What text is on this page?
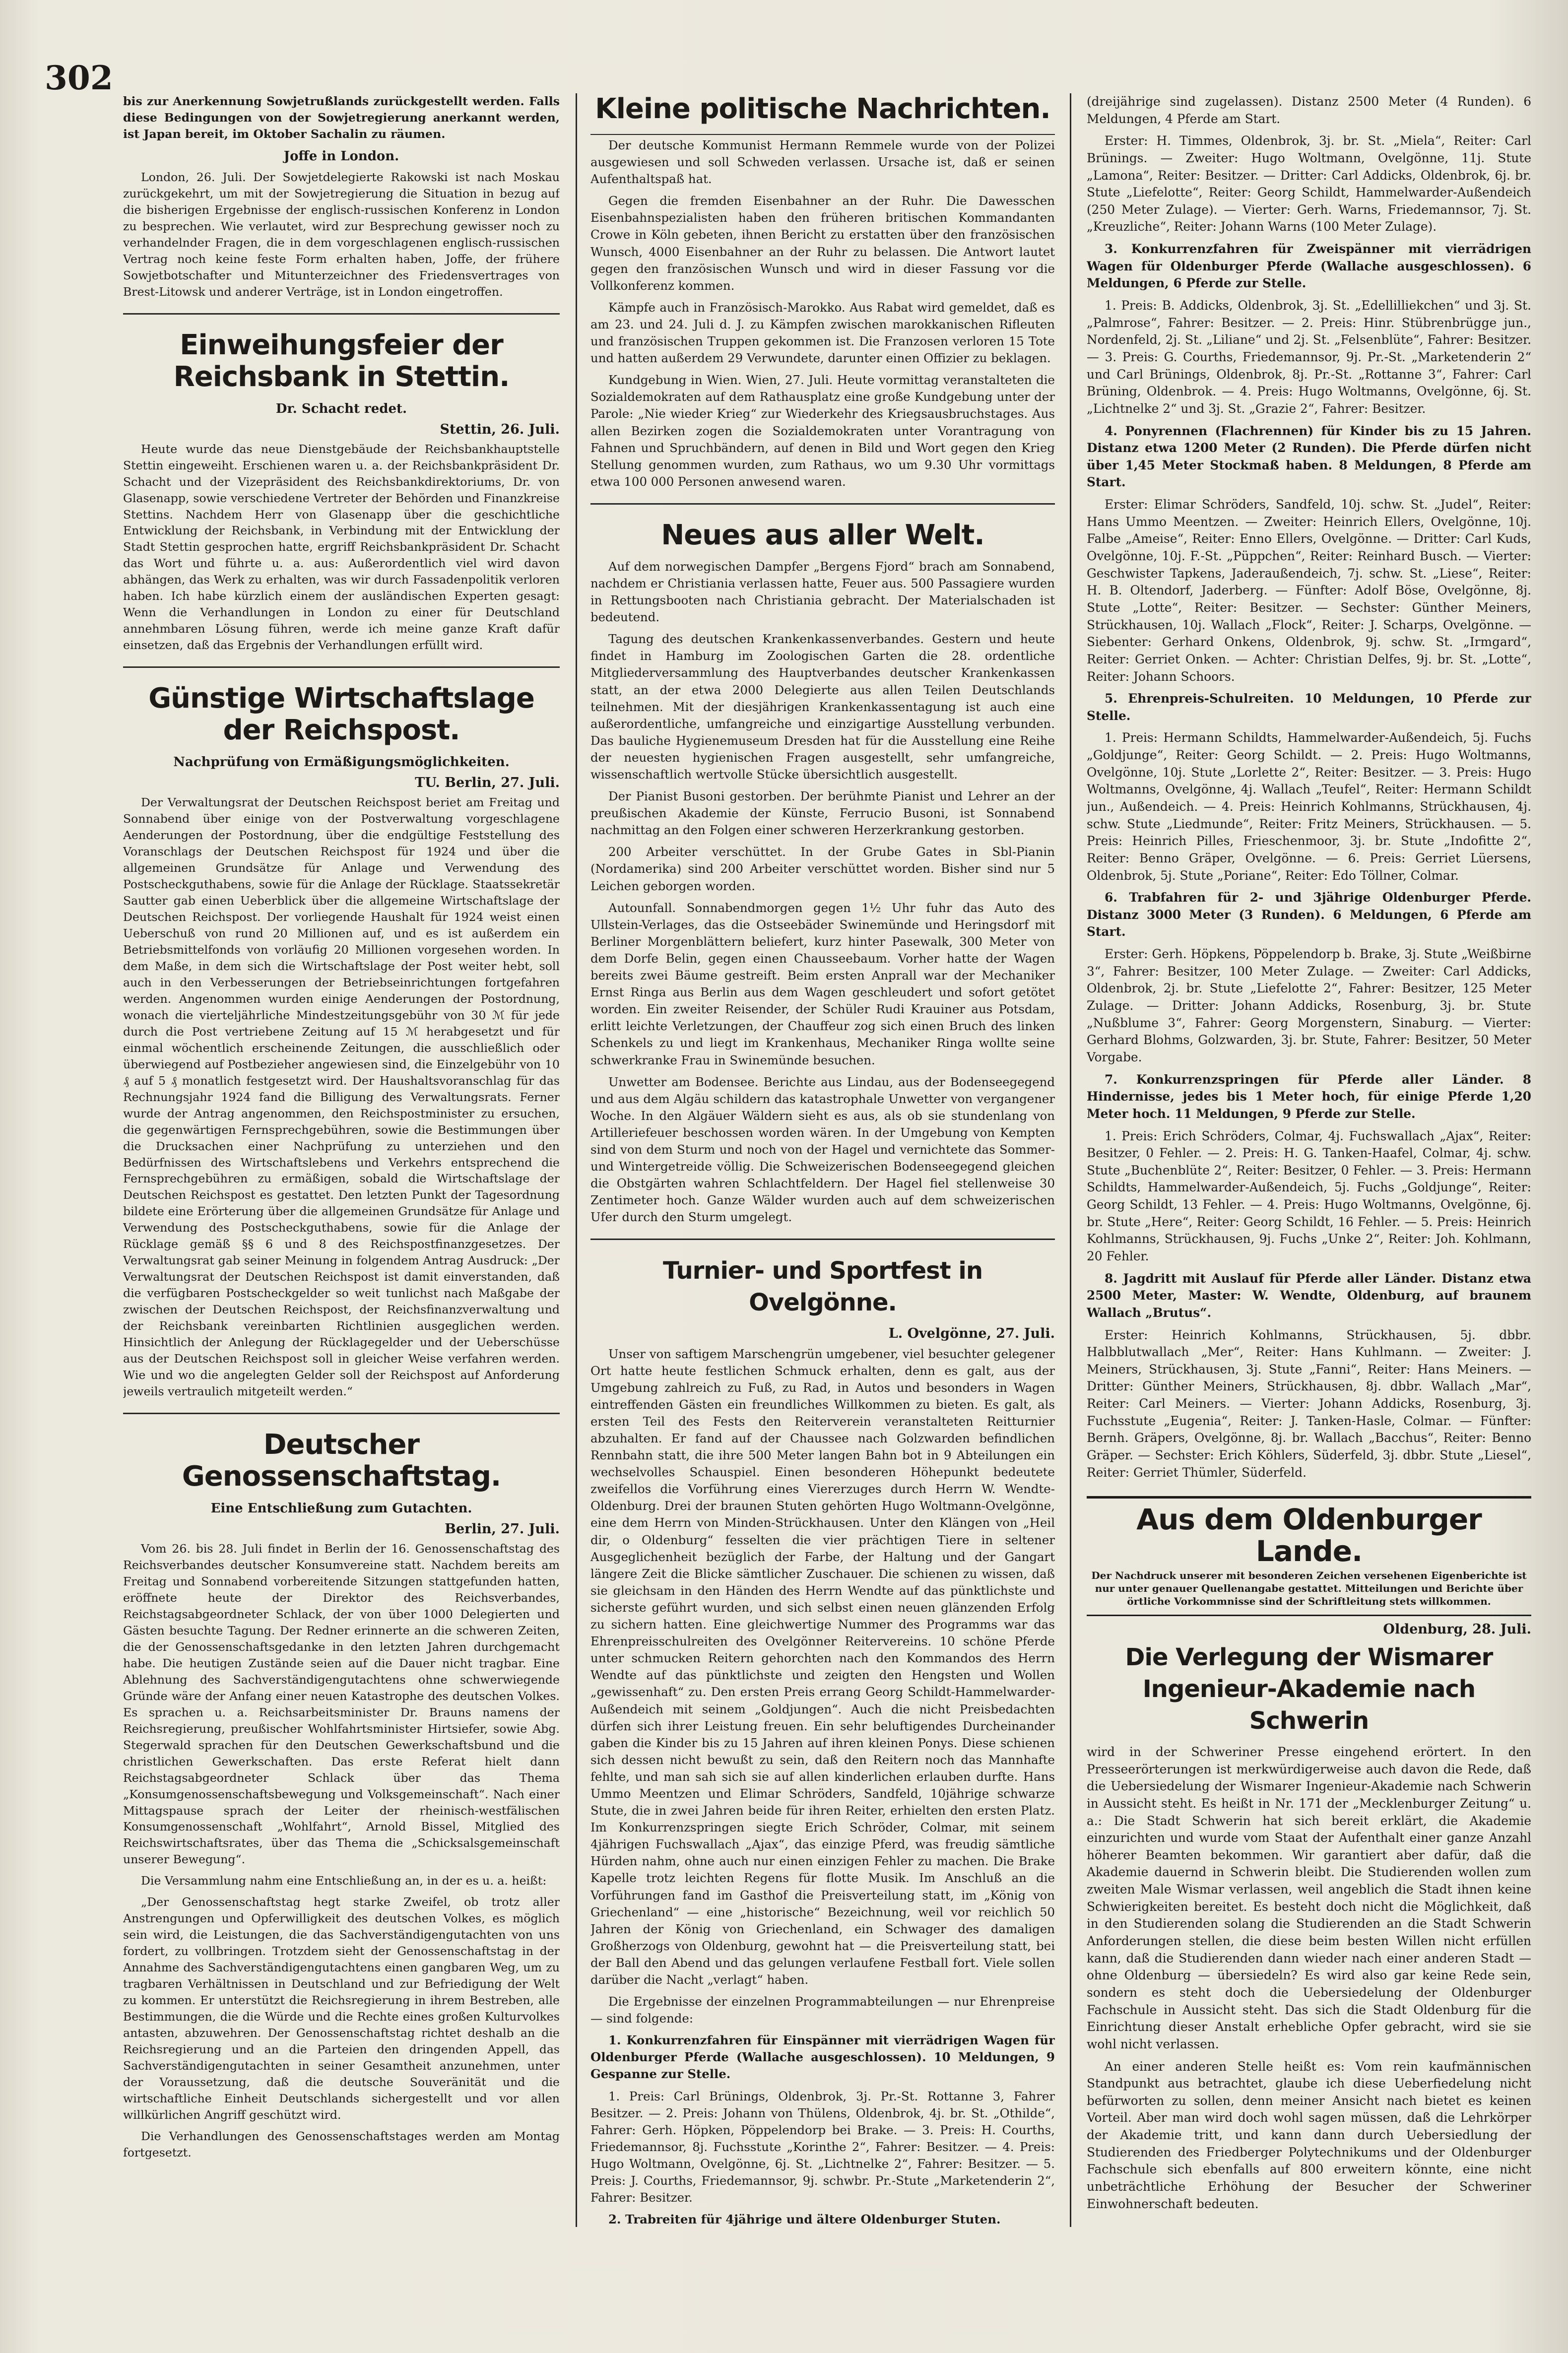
302

bis zur Anerkennung Sowjetrußlands zurückgestellt werden. Falls diese Bedingungen von der Sowjetregierung anerkannt werden, ist Japan bereit, im Oktober Sachalin zu räumen.

Joffe in London.

London, 26. Juli. Der Sowjetdelegierte Rakowski ist nach Moskau zurückgekehrt, um mit der Sowjetregierung die Situation in bezug auf die bisherigen Ergebnisse der englisch-russischen Konferenz in London zu besprechen. Wie verlautet, wird zur Besprechung gewisser noch zu verhandelnder Fragen, die in dem vorgeschlagenen englisch-russischen Vertrag noch keine feste Form erhalten haben, Joffe, der frühere Sowjetbotschafter und Mitunterzeichner des Friedensvertrages von Brest-Litowsk und anderer Verträge, ist in London eingetroffen.

Einweihungsfeier der Reichsbank in Stettin.
Dr. Schacht redet.
Stettin, 26. Juli.

Heute wurde das neue Dienstgebäude der Reichsbankhauptstelle Stettin eingeweiht. Erschienen waren u. a. der Reichsbankpräsident Dr. Schacht und der Vizepräsident des Reichsbankdirektoriums, Dr. von Glasenapp, sowie verschiedene Vertreter der Behörden und Finanzkreise Stettins. Nachdem Herr von Glasenapp über die geschichtliche Entwicklung der Reichsbank, in Verbindung mit der Entwicklung der Stadt Stettin gesprochen hatte, ergriff Reichsbankpräsident Dr. Schacht das Wort und führte u. a. aus: Außerordentlich viel wird davon abhängen, das Werk zu erhalten, was wir durch Fassadenpolitik verloren haben. Ich habe kürzlich einem der ausländischen Experten gesagt: Wenn die Verhandlungen in London zu einer für Deutschland annehmbaren Lösung führen, werde ich meine ganze Kraft dafür einsetzen, daß das Ergebnis der Verhandlungen erfüllt wird.

Günstige Wirtschaftslage der Reichspost.
Nachprüfung von Ermäßigungsmöglichkeiten.
TU. Berlin, 27. Juli.

Der Verwaltungsrat der Deutschen Reichspost beriet am Freitag und Sonnabend über einige von der Postverwaltung vorgeschlagene Aenderungen der Postordnung, über die endgültige Feststellung des Voranschlags der Deutschen Reichspost für 1924 und über die allgemeinen Grundsätze für Anlage und Verwendung des Postscheckguthabens, sowie für die Anlage der Rücklage. Staatssekretär Sautter gab einen Ueberblick über die allgemeine Wirtschaftslage der Deutschen Reichspost. Der vorliegende Haushalt für 1924 weist einen Ueberschuß von rund 20 Millionen auf, und es ist außerdem ein Betriebsmittelfonds von vorläufig 20 Millionen vorgesehen worden. In dem Maße, in dem sich die Wirtschaftslage der Post weiter hebt, soll auch in den Verbesserungen der Betriebseinrichtungen fortgefahren werden. Angenommen wurden einige Aenderungen der Postordnung, wonach die vierteljährliche Mindestzeitungsgebühr von 30 ℳ für jede durch die Post vertriebene Zeitung auf 15 ℳ herabgesetzt und für einmal wöchentlich erscheinende Zeitungen, die ausschließlich oder überwiegend auf Postbezieher angewiesen sind, die Einzelgebühr von 10 ₰ auf 5 ₰ monatlich festgesetzt wird. Der Haushaltsvoranschlag für das Rechnungsjahr 1924 fand die Billigung des Verwaltungsrats. Ferner wurde der Antrag angenommen, den Reichspostminister zu ersuchen, die gegenwärtigen Fernsprechgebühren, sowie die Bestimmungen über die Drucksachen einer Nachprüfung zu unterziehen und den Bedürfnissen des Wirtschaftslebens und Verkehrs entsprechend die Fernsprechgebühren zu ermäßigen, sobald die Wirtschaftslage der Deutschen Reichspost es gestattet. Den letzten Punkt der Tagesordnung bildete eine Erörterung über die allgemeinen Grundsätze für Anlage und Verwendung des Postscheckguthabens, sowie für die Anlage der Rücklage gemäß §§ 6 und 8 des Reichspostfinanzgesetzes. Der Verwaltungsrat gab seiner Meinung in folgendem Antrag Ausdruck: „Der Verwaltungsrat der Deutschen Reichspost ist damit einverstanden, daß die verfügbaren Postscheckgelder so weit tunlichst nach Maßgabe der zwischen der Deutschen Reichspost, der Reichsfinanzverwaltung und der Reichsbank vereinbarten Richtlinien ausgeglichen werden. Hinsichtlich der Anlegung der Rücklagegelder und der Ueberschüsse aus der Deutschen Reichspost soll in gleicher Weise verfahren werden. Wie und wo die angelegten Gelder soll der Reichspost auf Anforderung jeweils vertraulich mitgeteilt werden.“

Deutscher Genossenschaftstag.
Eine Entschließung zum Gutachten.
Berlin, 27. Juli.

Vom 26. bis 28. Juli findet in Berlin der 16. Genossenschaftstag des Reichsverbandes deutscher Konsumvereine statt. Nachdem bereits am Freitag und Sonnabend vorbereitende Sitzungen stattgefunden hatten, eröffnete heute der Direktor des Reichsverbandes, Reichstagsabgeordneter Schlack, der von über 1000 Delegierten und Gästen besuchte Tagung. Der Redner erinnerte an die schweren Zeiten, die der Genossenschaftsgedanke in den letzten Jahren durchgemacht habe. Die heutigen Zustände seien auf die Dauer nicht tragbar. Eine Ablehnung des Sachverständigengutachtens ohne schwerwiegende Gründe wäre der Anfang einer neuen Katastrophe des deutschen Volkes. Es sprachen u. a. Reichsarbeitsminister Dr. Brauns namens der Reichsregierung, preußischer Wohlfahrtsminister Hirtsiefer, sowie Abg. Stegerwald sprachen für den Deutschen Gewerkschaftsbund und die christlichen Gewerkschaften. Das erste Referat hielt dann Reichstagsabgeordneter Schlack über das Thema „Konsumgenossenschaftsbewegung und Volksgemeinschaft“. Nach einer Mittagspause sprach der Leiter der rheinisch-westfälischen Konsumgenossenschaft „Wohlfahrt“, Arnold Bissel, Mitglied des Reichswirtschaftsrates, über das Thema die „Schicksalsgemeinschaft unserer Bewegung“.

Die Versammlung nahm eine Entschließung an, in der es u. a. heißt:

„Der Genossenschaftstag hegt starke Zweifel, ob trotz aller Anstrengungen und Opferwilligkeit des deutschen Volkes, es möglich sein wird, die Leistungen, die das Sachverständigengutachten von uns fordert, zu vollbringen. Trotzdem sieht der Genossenschaftstag in der Annahme des Sachverständigengutachtens einen gangbaren Weg, um zu tragbaren Verhältnissen in Deutschland und zur Befriedigung der Welt zu kommen. Er unterstützt die Reichsregierung in ihrem Bestreben, alle Bestimmungen, die die Würde und die Rechte eines großen Kulturvolkes antasten, abzuwehren. Der Genossenschaftstag richtet deshalb an die Reichsregierung und an die Parteien den dringenden Appell, das Sachverständigengutachten in seiner Gesamtheit anzunehmen, unter der Voraussetzung, daß die deutsche Souveränität und die wirtschaftliche Einheit Deutschlands sichergestellt und vor allen willkürlichen Angriff geschützt wird.

Die Verhandlungen des Genossenschaftstages werden am Montag fortgesetzt.

Kleine politische Nachrichten.

Der deutsche Kommunist Hermann Remmele wurde von der Polizei ausgewiesen und soll Schweden verlassen. Ursache ist, daß er seinen Aufenthaltspaß hat.

Gegen die fremden Eisenbahner an der Ruhr. Die Dawesschen Eisenbahnspezialisten haben den früheren britischen Kommandanten Crowe in Köln gebeten, ihnen Bericht zu erstatten über den französischen Wunsch, 4000 Eisenbahner an der Ruhr zu belassen. Die Antwort lautet gegen den französischen Wunsch und wird in dieser Fassung vor die Vollkonferenz kommen.

Kämpfe auch in Französisch-Marokko. Aus Rabat wird gemeldet, daß es am 23. und 24. Juli d. J. zu Kämpfen zwischen marokkanischen Rifleuten und französischen Truppen gekommen ist. Die Franzosen verloren 15 Tote und hatten außerdem 29 Verwundete, darunter einen Offizier zu beklagen.

Kundgebung in Wien. Wien, 27. Juli. Heute vormittag veranstalteten die Sozialdemokraten auf dem Rathausplatz eine große Kundgebung unter der Parole: „Nie wieder Krieg“ zur Wiederkehr des Kriegsausbruchstages. Aus allen Bezirken zogen die Sozialdemokraten unter Vorantragung von Fahnen und Spruchbändern, auf denen in Bild und Wort gegen den Krieg Stellung genommen wurden, zum Rathaus, wo um 9.30 Uhr vormittags etwa 100 000 Personen anwesend waren.

Neues aus aller Welt.

Auf dem norwegischen Dampfer „Bergens Fjord“ brach am Sonnabend, nachdem er Christiania verlassen hatte, Feuer aus. 500 Passagiere wurden in Rettungsbooten nach Christiania gebracht. Der Materialschaden ist bedeutend.

Tagung des deutschen Krankenkassenverbandes. Gestern und heute findet in Hamburg im Zoologischen Garten die 28. ordentliche Mitgliederversammlung des Hauptverbandes deutscher Krankenkassen statt, an der etwa 2000 Delegierte aus allen Teilen Deutschlands teilnehmen. Mit der diesjährigen Krankenkassentagung ist auch eine außerordentliche, umfangreiche und einzigartige Ausstellung verbunden. Das bauliche Hygienemuseum Dresden hat für die Ausstellung eine Reihe der neuesten hygienischen Fragen ausgestellt, sehr umfangreiche, wissenschaftlich wertvolle Stücke übersichtlich ausgestellt.

Der Pianist Busoni gestorben. Der berühmte Pianist und Lehrer an der preußischen Akademie der Künste, Ferrucio Busoni, ist Sonnabend nachmittag an den Folgen einer schweren Herzerkrankung gestorben.

200 Arbeiter verschüttet. In der Grube Gates in Sbl-Pianin (Nordamerika) sind 200 Arbeiter verschüttet worden. Bisher sind nur 5 Leichen geborgen worden.

Autounfall. Sonnabendmorgen gegen 1½ Uhr fuhr das Auto des Ullstein-Verlages, das die Ostseebäder Swinemünde und Heringsdorf mit Berliner Morgenblättern beliefert, kurz hinter Pasewalk, 300 Meter von dem Dorfe Belin, gegen einen Chausseebaum. Vorher hatte der Wagen bereits zwei Bäume gestreift. Beim ersten Anprall war der Mechaniker Ernst Ringa aus Berlin aus dem Wagen geschleudert und sofort getötet worden. Ein zweiter Reisender, der Schüler Rudi Krauiner aus Potsdam, erlitt leichte Verletzungen, der Chauffeur zog sich einen Bruch des linken Schenkels zu und liegt im Krankenhaus, Mechaniker Ringa wollte seine schwerkranke Frau in Swinemünde besuchen.

Unwetter am Bodensee. Berichte aus Lindau, aus der Bodenseegegend und aus dem Algäu schildern das katastrophale Unwetter von vergangener Woche. In den Algäuer Wäldern sieht es aus, als ob sie stundenlang von Artilleriefeuer beschossen worden wären. In der Umgebung von Kempten sind von dem Sturm und noch von der Hagel und vernichtete das Sommer- und Wintergetreide völlig. Die Schweizerischen Bodenseegegend gleichen die Obstgärten wahren Schlachtfeldern. Der Hagel fiel stellenweise 30 Zentimeter hoch. Ganze Wälder wurden auch auf dem schweizerischen Ufer durch den Sturm umgelegt.

Turnier- und Sportfest in Ovelgönne.
L. Ovelgönne, 27. Juli.

Unser von saftigem Marschengrün umgebener, viel besuchter gelegener Ort hatte heute festlichen Schmuck erhalten, denn es galt, aus der Umgebung zahlreich zu Fuß, zu Rad, in Autos und besonders in Wagen eintreffenden Gästen ein freundliches Willkommen zu bieten. Es galt, als ersten Teil des Fests den Reiterverein veranstalteten Reitturnier abzuhalten. Er fand auf der Chaussee nach Golzwarden befindlichen Rennbahn statt, die ihre 500 Meter langen Bahn bot in 9 Abteilungen ein wechselvolles Schauspiel. Einen besonderen Höhepunkt bedeutete zweifellos die Vorführung eines Viererzuges durch Herrn W. Wendte-Oldenburg. Drei der braunen Stuten gehörten Hugo Woltmann-Ovelgönne, eine dem Herrn von Minden-Strückhausen. Unter den Klängen von „Heil dir, o Oldenburg“ fesselten die vier prächtigen Tiere in seltener Ausgeglichenheit bezüglich der Farbe, der Haltung und der Gangart längere Zeit die Blicke sämtlicher Zuschauer. Die schienen zu wissen, daß sie gleichsam in den Händen des Herrn Wendte auf das pünktlichste und sicherste geführt wurden, und sich selbst einen neuen glänzenden Erfolg zu sichern hatten. Eine gleichwertige Nummer des Programms war das Ehrenpreisschulreiten des Ovelgönner Reitervereins. 10 schöne Pferde unter schmucken Reitern gehorchten nach den Kommandos des Herrn Wendte auf das pünktlichste und zeigten den Hengsten und Wollen „gewissenhaft“ zu. Den ersten Preis errang Georg Schildt-Hammelwarder-Außendeich mit seinem „Goldjungen“. Auch die nicht Preisbedachten dürfen sich ihrer Leistung freuen. Ein sehr beluftigendes Durcheinander gaben die Kinder bis zu 15 Jahren auf ihren kleinen Ponys. Diese schienen sich dessen nicht bewußt zu sein, daß den Reitern noch das Mannhafte fehlte, und man sah sich sie auf allen kinderlichen erlauben durfte. Hans Ummo Meentzen und Elimar Schröders, Sandfeld, 10jährige schwarze Stute, die in zwei Jahren beide für ihren Reiter, erhielten den ersten Platz. Im Konkurrenzspringen siegte Erich Schröder, Colmar, mit seinem 4jährigen Fuchswallach „Ajax“, das einzige Pferd, was freudig sämtliche Hürden nahm, ohne auch nur einen einzigen Fehler zu machen. Die Brake Kapelle trotz leichten Regens für flotte Musik. Im Anschluß an die Vorführungen fand im Gasthof die Preisverteilung statt, im „König von Griechenland“ — eine „historische“ Bezeichnung, weil vor reichlich 50 Jahren der König von Griechenland, ein Schwager des damaligen Großherzogs von Oldenburg, gewohnt hat — die Preisverteilung statt, bei der Ball den Abend und das gelungen verlaufene Festball fort. Viele sollen darüber die Nacht „verlagt“ haben.

Die Ergebnisse der einzelnen Programmabteilungen — nur Ehrenpreise — sind folgende:

1. Konkurrenzfahren für Einspänner mit vierrädrigen Wagen für Oldenburger Pferde (Wallache ausgeschlossen). 10 Meldungen, 9 Gespanne zur Stelle.

1. Preis: Carl Brünings, Oldenbrok, 3j. Pr.-St. Rottanne 3, Fahrer Besitzer. — 2. Preis: Johann von Thülens, Oldenbrok, 4j. br. St. „Othilde“, Fahrer: Gerh. Höpken, Pöppelendorp bei Brake. — 3. Preis: H. Courths, Friedemannsor, 8j. Fuchsstute „Korinthe 2“, Fahrer: Besitzer. — 4. Preis: Hugo Woltmann, Ovelgönne, 6j. St. „Lichtnelke 2“, Fahrer: Besitzer. — 5. Preis: J. Courths, Friedemannsor, 9j. schwbr. Pr.-Stute „Marketenderin 2“, Fahrer: Besitzer.

2. Trabreiten für 4jährige und ältere Oldenburger Stuten.

(dreijährige sind zugelassen). Distanz 2500 Meter (4 Runden). 6 Meldungen, 4 Pferde am Start.

Erster: H. Timmes, Oldenbrok, 3j. br. St. „Miela“, Reiter: Carl Brünings. — Zweiter: Hugo Woltmann, Ovelgönne, 11j. Stute „Lamona“, Reiter: Besitzer. — Dritter: Carl Addicks, Oldenbrok, 6j. br. Stute „Liefelotte“, Reiter: Georg Schildt, Hammelwarder-Außendeich (250 Meter Zulage). — Vierter: Gerh. Warns, Friedemannsor, 7j. St. „Kreuzliche“, Reiter: Johann Warns (100 Meter Zulage).

3. Konkurrenzfahren für Zweispänner mit vierrädrigen Wagen für Oldenburger Pferde (Wallache ausgeschlossen). 6 Meldungen, 6 Pferde zur Stelle.

1. Preis: B. Addicks, Oldenbrok, 3j. St. „Edellilliekchen“ und 3j. St. „Palmrose“, Fahrer: Besitzer. — 2. Preis: Hinr. Stübrenbrügge jun., Nordenfeld, 2j. St. „Liliane“ und 2j. St. „Felsenblüte“, Fahrer: Besitzer. — 3. Preis: G. Courths, Friedemannsor, 9j. Pr.-St. „Marketenderin 2“ und Carl Brünings, Oldenbrok, 8j. Pr.-St. „Rottanne 3“, Fahrer: Carl Brüning, Oldenbrok. — 4. Preis: Hugo Woltmanns, Ovelgönne, 6j. St. „Lichtnelke 2“ und 3j. St. „Grazie 2“, Fahrer: Besitzer.

4. Ponyrennen (Flachrennen) für Kinder bis zu 15 Jahren. Distanz etwa 1200 Meter (2 Runden). Die Pferde dürfen nicht über 1,45 Meter Stockmaß haben. 8 Meldungen, 8 Pferde am Start.

Erster: Elimar Schröders, Sandfeld, 10j. schw. St. „Judel“, Reiter: Hans Ummo Meentzen. — Zweiter: Heinrich Ellers, Ovelgönne, 10j. Falbe „Ameise“, Reiter: Enno Ellers, Ovelgönne. — Dritter: Carl Kuds, Ovelgönne, 10j. F.-St. „Püppchen“, Reiter: Reinhard Busch. — Vierter: Geschwister Tapkens, Jaderaußendeich, 7j. schw. St. „Liese“, Reiter: H. B. Oltendorf, Jaderberg. — Fünfter: Adolf Böse, Ovelgönne, 8j. Stute „Lotte“, Reiter: Besitzer. — Sechster: Günther Meiners, Strückhausen, 10j. Wallach „Flock“, Reiter: J. Scharps, Ovelgönne. — Siebenter: Gerhard Onkens, Oldenbrok, 9j. schw. St. „Irmgard“, Reiter: Gerriet Onken. — Achter: Christian Delfes, 9j. br. St. „Lotte“, Reiter: Johann Schoors.

5. Ehrenpreis-Schulreiten. 10 Meldungen, 10 Pferde zur Stelle.

1. Preis: Hermann Schildts, Hammelwarder-Außendeich, 5j. Fuchs „Goldjunge“, Reiter: Georg Schildt. — 2. Preis: Hugo Woltmanns, Ovelgönne, 10j. Stute „Lorlette 2“, Reiter: Besitzer. — 3. Preis: Hugo Woltmanns, Ovelgönne, 4j. Wallach „Teufel“, Reiter: Hermann Schildt jun., Außendeich. — 4. Preis: Heinrich Kohlmanns, Strückhausen, 4j. schw. Stute „Liedmunde“, Reiter: Fritz Meiners, Strückhausen. — 5. Preis: Heinrich Pilles, Frieschenmoor, 3j. br. Stute „Indofitte 2“, Reiter: Benno Gräper, Ovelgönne. — 6. Preis: Gerriet Lüersens, Oldenbrok, 5j. Stute „Poriane“, Reiter: Edo Töllner, Colmar.

6. Trabfahren für 2- und 3jährige Oldenburger Pferde. Distanz 3000 Meter (3 Runden). 6 Meldungen, 6 Pferde am Start.

Erster: Gerh. Höpkens, Pöppelendorp b. Brake, 3j. Stute „Weißbirne 3“, Fahrer: Besitzer, 100 Meter Zulage. — Zweiter: Carl Addicks, Oldenbrok, 2j. br. Stute „Liefelotte 2“, Fahrer: Besitzer, 125 Meter Zulage. — Dritter: Johann Addicks, Rosenburg, 3j. br. Stute „Nußblume 3“, Fahrer: Georg Morgenstern, Sinaburg. — Vierter: Gerhard Blohms, Golzwarden, 3j. br. Stute, Fahrer: Besitzer, 50 Meter Vorgabe.

7. Konkurrenzspringen für Pferde aller Länder. 8 Hindernisse, jedes bis 1 Meter hoch, für einige Pferde 1,20 Meter hoch. 11 Meldungen, 9 Pferde zur Stelle.

1. Preis: Erich Schröders, Colmar, 4j. Fuchswallach „Ajax“, Reiter: Besitzer, 0 Fehler. — 2. Preis: H. G. Tanken-Haafel, Colmar, 4j. schw. Stute „Buchenblüte 2“, Reiter: Besitzer, 0 Fehler. — 3. Preis: Hermann Schildts, Hammelwarder-Außendeich, 5j. Fuchs „Goldjunge“, Reiter: Georg Schildt, 13 Fehler. — 4. Preis: Hugo Woltmanns, Ovelgönne, 6j. br. Stute „Here“, Reiter: Georg Schildt, 16 Fehler. — 5. Preis: Heinrich Kohlmanns, Strückhausen, 9j. Fuchs „Unke 2“, Reiter: Joh. Kohlmann, 20 Fehler.

8. Jagdritt mit Auslauf für Pferde aller Länder. Distanz etwa 2500 Meter, Master: W. Wendte, Oldenburg, auf braunem Wallach „Brutus“.

Erster: Heinrich Kohlmanns, Strückhausen, 5j. dbbr. Halbblutwallach „Mer“, Reiter: Hans Kuhlmann. — Zweiter: J. Meiners, Strückhausen, 3j. Stute „Fanni“, Reiter: Hans Meiners. — Dritter: Günther Meiners, Strückhausen, 8j. dbbr. Wallach „Mar“, Reiter: Carl Meiners. — Vierter: Johann Addicks, Rosenburg, 3j. Fuchsstute „Eugenia“, Reiter: J. Tanken-Hasle, Colmar. — Fünfter: Bernh. Gräpers, Ovelgönne, 8j. br. Wallach „Bacchus“, Reiter: Benno Gräper. — Sechster: Erich Köhlers, Süderfeld, 3j. dbbr. Stute „Liesel“, Reiter: Gerriet Thümler, Süderfeld.

Aus dem Oldenburger Lande.
Der Nachdruck unserer mit besonderen Zeichen versehenen Eigenberichte ist nur unter genauer Quellenangabe gestattet. Mitteilungen und Berichte über örtliche Vorkommnisse sind der Schriftleitung stets willkommen.
Oldenburg, 28. Juli.
Die Verlegung der Wismarer Ingenieur-Akademie nach Schwerin

wird in der Schweriner Presse eingehend erörtert. In den Presseerörterungen ist merkwürdigerweise auch davon die Rede, daß die Uebersiedelung der Wismarer Ingenieur-Akademie nach Schwerin in Aussicht steht. Es heißt in Nr. 171 der „Mecklenburger Zeitung“ u. a.: Die Stadt Schwerin hat sich bereit erklärt, die Akademie einzurichten und wurde vom Staat der Aufenthalt einer ganze Anzahl höherer Beamten bekommen. Wir garantiert aber dafür, daß die Akademie dauernd in Schwerin bleibt. Die Studierenden wollen zum zweiten Male Wismar verlassen, weil angeblich die Stadt ihnen keine Schwierigkeiten bereitet. Es besteht doch nicht die Möglichkeit, daß in den Studierenden solang die Studierenden an die Stadt Schwerin Anforderungen stellen, die diese beim besten Willen nicht erfüllen kann, daß die Studierenden dann wieder nach einer anderen Stadt — ohne Oldenburg — übersiedeln? Es wird also gar keine Rede sein, sondern es steht doch die Uebersiedelung der Oldenburger Fachschule in Aussicht steht. Das sich die Stadt Oldenburg für die Einrichtung dieser Anstalt erhebliche Opfer gebracht, wird sie sie wohl nicht verlassen.

An einer anderen Stelle heißt es: Vom rein kaufmännischen Standpunkt aus betrachtet, glaube ich diese Ueberfiedelung nicht befürworten zu sollen, denn meiner Ansicht nach bietet es keinen Vorteil. Aber man wird doch wohl sagen müssen, daß die Lehrkörper der Akademie tritt, und kann dann durch Uebersiedlung der Studierenden des Friedberger Polytechnikums und der Oldenburger Fachschule sich ebenfalls auf 800 erweitern könnte, eine nicht unbeträchtliche Erhöhung der Besucher der Schweriner Einwohnerschaft bedeuten.
